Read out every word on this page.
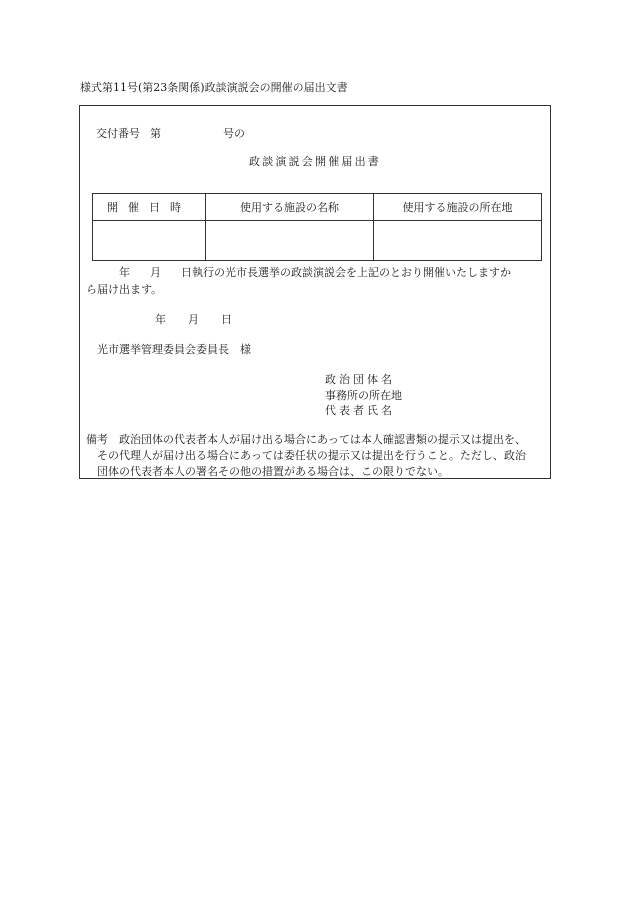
様式第11号(第23条関係)政談演説会の開催の届出文書
交付番号 第	号の
政談演説会開催届出書
開催日時	使用する施設の名称	使用する施設の所在地

年 月 日執行の光市長選挙の政談演説会を上記のとおり開催いたしますか
ら届け出ます。
年 月 日
光市選挙管理委員会委員長　様
政治団体名
事務所の所在地
代表者氏名
備考　政治団体の代表者本人が届け出る場合にあっては本人確認書類の提示又は提出を、
その代理人が届け出る場合にあっては委任状の提示又は提出を行うこと。ただし、政治
団体の代表者本人の署名その他の措置がある場合は、この限りでない。
